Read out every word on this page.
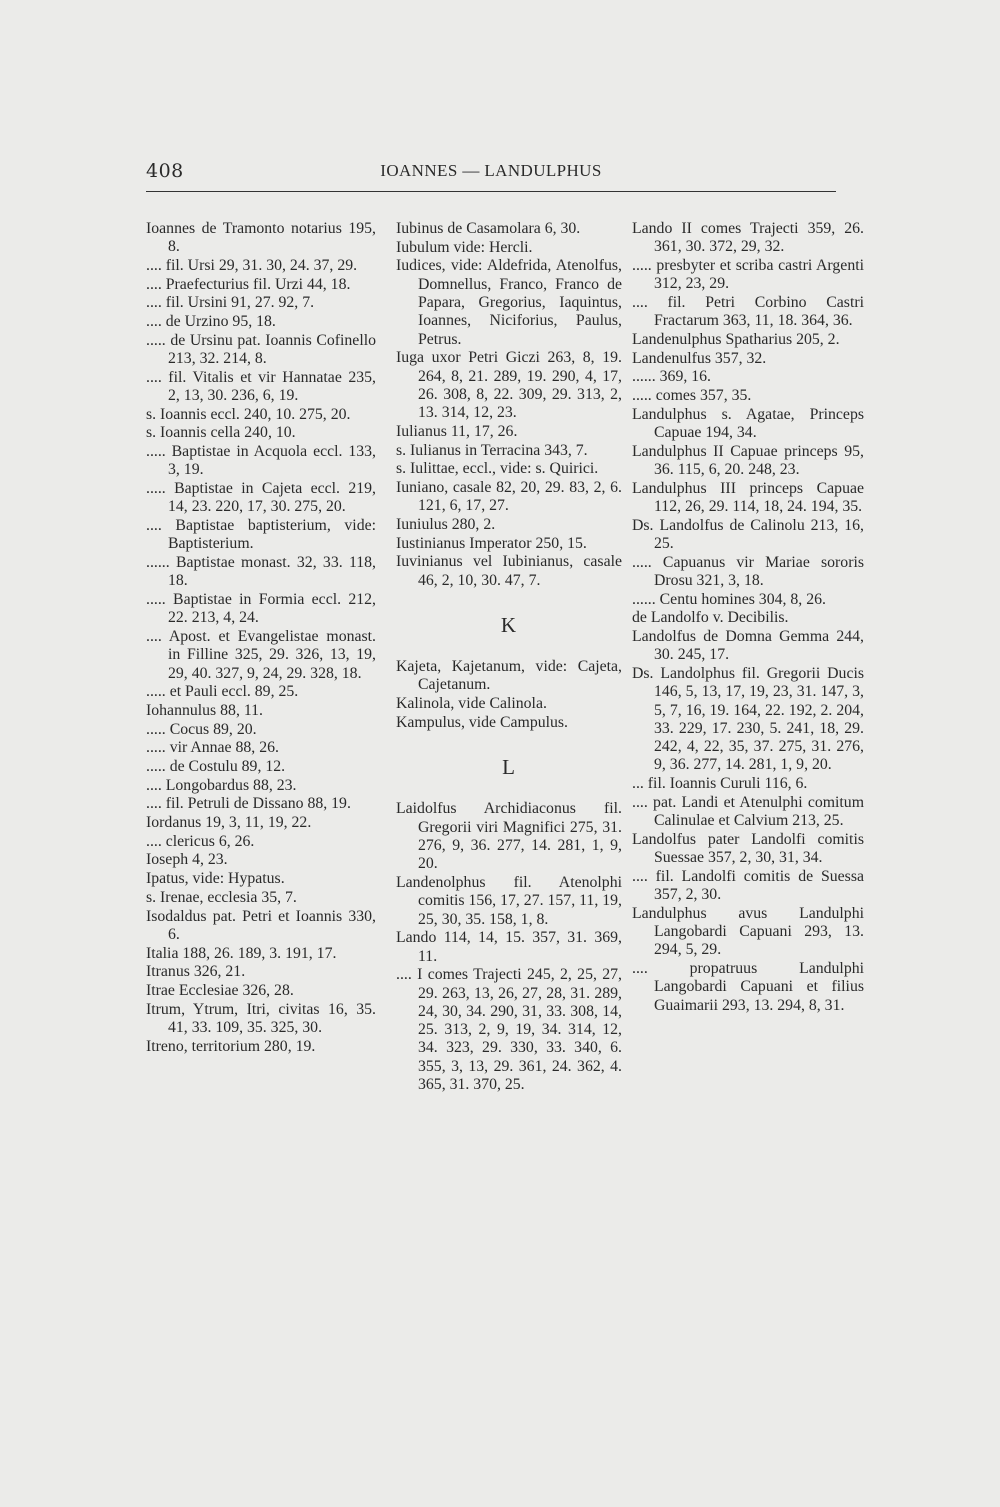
408	IOANNES — LANDULPHUS
Ioannes de Tramonto notarius 195, 8.
.... fil. Ursi 29, 31. 30, 24. 37, 29.
.... Praefecturius fil. Urzi 44, 18.
.... fil. Ursini 91, 27. 92, 7.
.... de Urzino 95, 18.
..... de Ursinu pat. Ioannis Cofinello 213, 32. 214, 8.
.... fil. Vitalis et vir Hannatae 235, 2, 13, 30. 236, 6, 19.
s. Ioannis eccl. 240, 10. 275, 20.
s. Ioannis cella 240, 10.
..... Baptistae in Acquola eccl. 133, 3, 19.
..... Baptistae in Cajeta eccl. 219, 14, 23. 220, 17, 30. 275, 20.
.... Baptistae baptisterium, vide: Baptisterium.
...... Baptistae monast. 32, 33. 118, 18.
..... Baptistae in Formia eccl. 212, 22. 213, 4, 24.
.... Apost. et Evangelistae monast. in Filline 325, 29. 326, 13, 19, 29, 40. 327, 9, 24, 29. 328, 18.
..... et Pauli eccl. 89, 25.
Iohannulus 88, 11.
..... Cocus 89, 20.
..... vir Annae 88, 26.
..... de Costulu 89, 12.
.... Longobardus 88, 23.
.... fil. Petruli de Dissano 88, 19.
Iordanus 19, 3, 11, 19, 22.
.... clericus 6, 26.
Ioseph 4, 23.
Ipatus, vide: Hypatus.
s. Irenae, ecclesia 35, 7.
Isodaldus pat. Petri et Ioannis 330, 6.
Italia 188, 26. 189, 3. 191, 17.
Itranus 326, 21.
Itrae Ecclesiae 326, 28.
Itrum, Ytrum, Itri, civitas 16, 35. 41, 33. 109, 35. 325, 30.
Itreno, territorium 280, 19.
Iubinus de Casamolara 6, 30.
Iubulum vide: Hercli.
Iudices, vide: Aldefrida, Atenolfus, Domnellus, Franco, Franco de Papara, Gregorius, Iaquintus, Ioannes, Niciforius, Paulus, Petrus.
Iuga uxor Petri Giczi 263, 8, 19. 264, 8, 21. 289, 19. 290, 4, 17, 26. 308, 8, 22. 309, 29. 313, 2, 13. 314, 12, 23.
Iulianus 11, 17, 26.
s. Iulianus in Terracina 343, 7.
s. Iulittae, eccl., vide: s. Quirici.
Iuniano, casale 82, 20, 29. 83, 2, 6. 121, 6, 17, 27.
Iuniulus 280, 2.
Iustinianus Imperator 250, 15.
Iuvinianus vel Iubinianus, casale 46, 2, 10, 30. 47, 7.
K
Kajeta, Kajetanum, vide: Cajeta, Cajetanum.
Kalinola, vide Calinola.
Kampulus, vide Campulus.
L
Laidolfus Archidiaconus fil. Gregorii viri Magnifici 275, 31. 276, 9, 36. 277, 14. 281, 1, 9, 20.
Landenolphus fil. Atenolphi comitis 156, 17, 27. 157, 11, 19, 25, 30, 35. 158, 1, 8.
Lando 114, 14, 15. 357, 31. 369, 11.
.... I comes Trajecti 245, 2, 25, 27, 29. 263, 13, 26, 27, 28, 31. 289, 24, 30, 34. 290, 31, 33. 308, 14, 25. 313, 2, 9, 19, 34. 314, 12, 34. 323, 29. 330, 33. 340, 6. 355, 3, 13, 29. 361, 24. 362, 4. 365, 31. 370, 25.
Lando II comes Trajecti 359, 26. 361, 30. 372, 29, 32.
..... presbyter et scriba castri Argenti 312, 23, 29.
.... fil. Petri Corbino Castri Fractarum 363, 11, 18. 364, 36.
Landenulphus Spatharius 205, 2.
Landenulfus 357, 32.
...... 369, 16.
..... comes 357, 35.
Landulphus s. Agatae, Princeps Capuae 194, 34.
Landulphus II Capuae princeps 95, 36. 115, 6, 20. 248, 23.
Landulphus III princeps Capuae 112, 26, 29. 114, 18, 24. 194, 35.
Ds. Landolfus de Calinolu 213, 16, 25.
..... Capuanus vir Mariae sororis Drosu 321, 3, 18.
...... Centu homines 304, 8, 26.
de Landolfo v. Decibilis.
Landolfus de Domna Gemma 244, 30. 245, 17.
Ds. Landolphus fil. Gregorii Ducis 146, 5, 13, 17, 19, 23, 31. 147, 3, 5, 7, 16, 19. 164, 22. 192, 2. 204, 33. 229, 17. 230, 5. 241, 18, 29. 242, 4, 22, 35, 37. 275, 31. 276, 9, 36. 277, 14. 281, 1, 9, 20.
... fil. Ioannis Curuli 116, 6.
.... pat. Landi et Atenulphi comitum Calinulae et Calvium 213, 25.
Landolfus pater Landolfi comitis Suessae 357, 2, 30, 31, 34.
.... fil. Landolfi comitis de Suessa 357, 2, 30.
Landulphus avus Landulphi Langobardi Capuani 293, 13. 294, 5, 29.
.... propatruus Landulphi Langobardi Capuani et filius Guaimarii 293, 13. 294, 8, 31.
